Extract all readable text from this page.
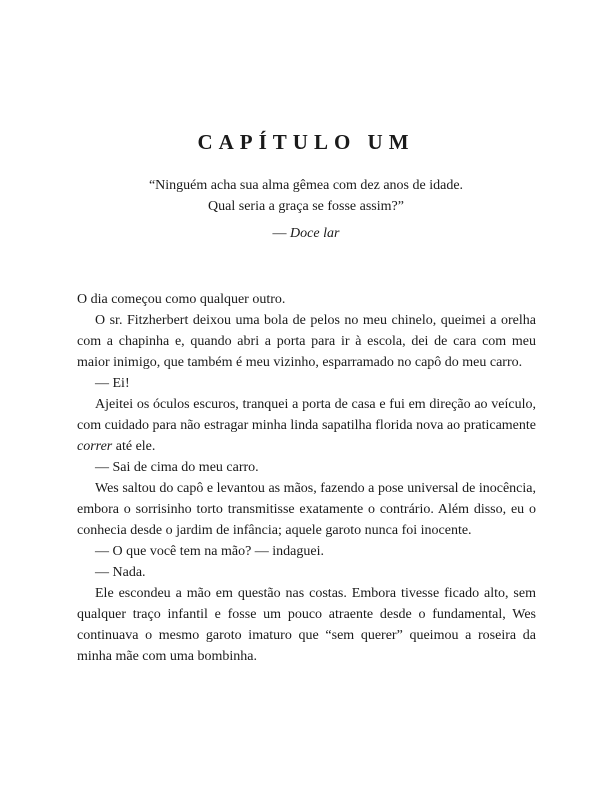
CAPÍTULO UM
“Ninguém acha sua alma gêmea com dez anos de idade.
Qual seria a graça se fosse assim?”
— Doce lar

O dia começou como qualquer outro.

O sr. Fitzherbert deixou uma bola de pelos no meu chinelo, queimei a orelha com a chapinha e, quando abri a porta para ir à escola, dei de cara com meu maior inimigo, que também é meu vizinho, esparramado no capô do meu carro.

— Ei!

Ajeitei os óculos escuros, tranquei a porta de casa e fui em direção ao veículo, com cuidado para não estragar minha linda sapatilha florida nova ao praticamente correr até ele.

— Sai de cima do meu carro.

Wes saltou do capô e levantou as mãos, fazendo a pose universal de inocência, embora o sorrisinho torto transmitisse exatamente o contrário. Além disso, eu o conhecia desde o jardim de infância; aquele garoto nunca foi inocente.

— O que você tem na mão? — indaguei.

— Nada.

Ele escondeu a mão em questão nas costas. Embora tivesse ficado alto, sem qualquer traço infantil e fosse um pouco atraente desde o fundamental, Wes continuava o mesmo garoto imaturo que “sem querer” queimou a roseira da minha mãe com uma bombinha.
